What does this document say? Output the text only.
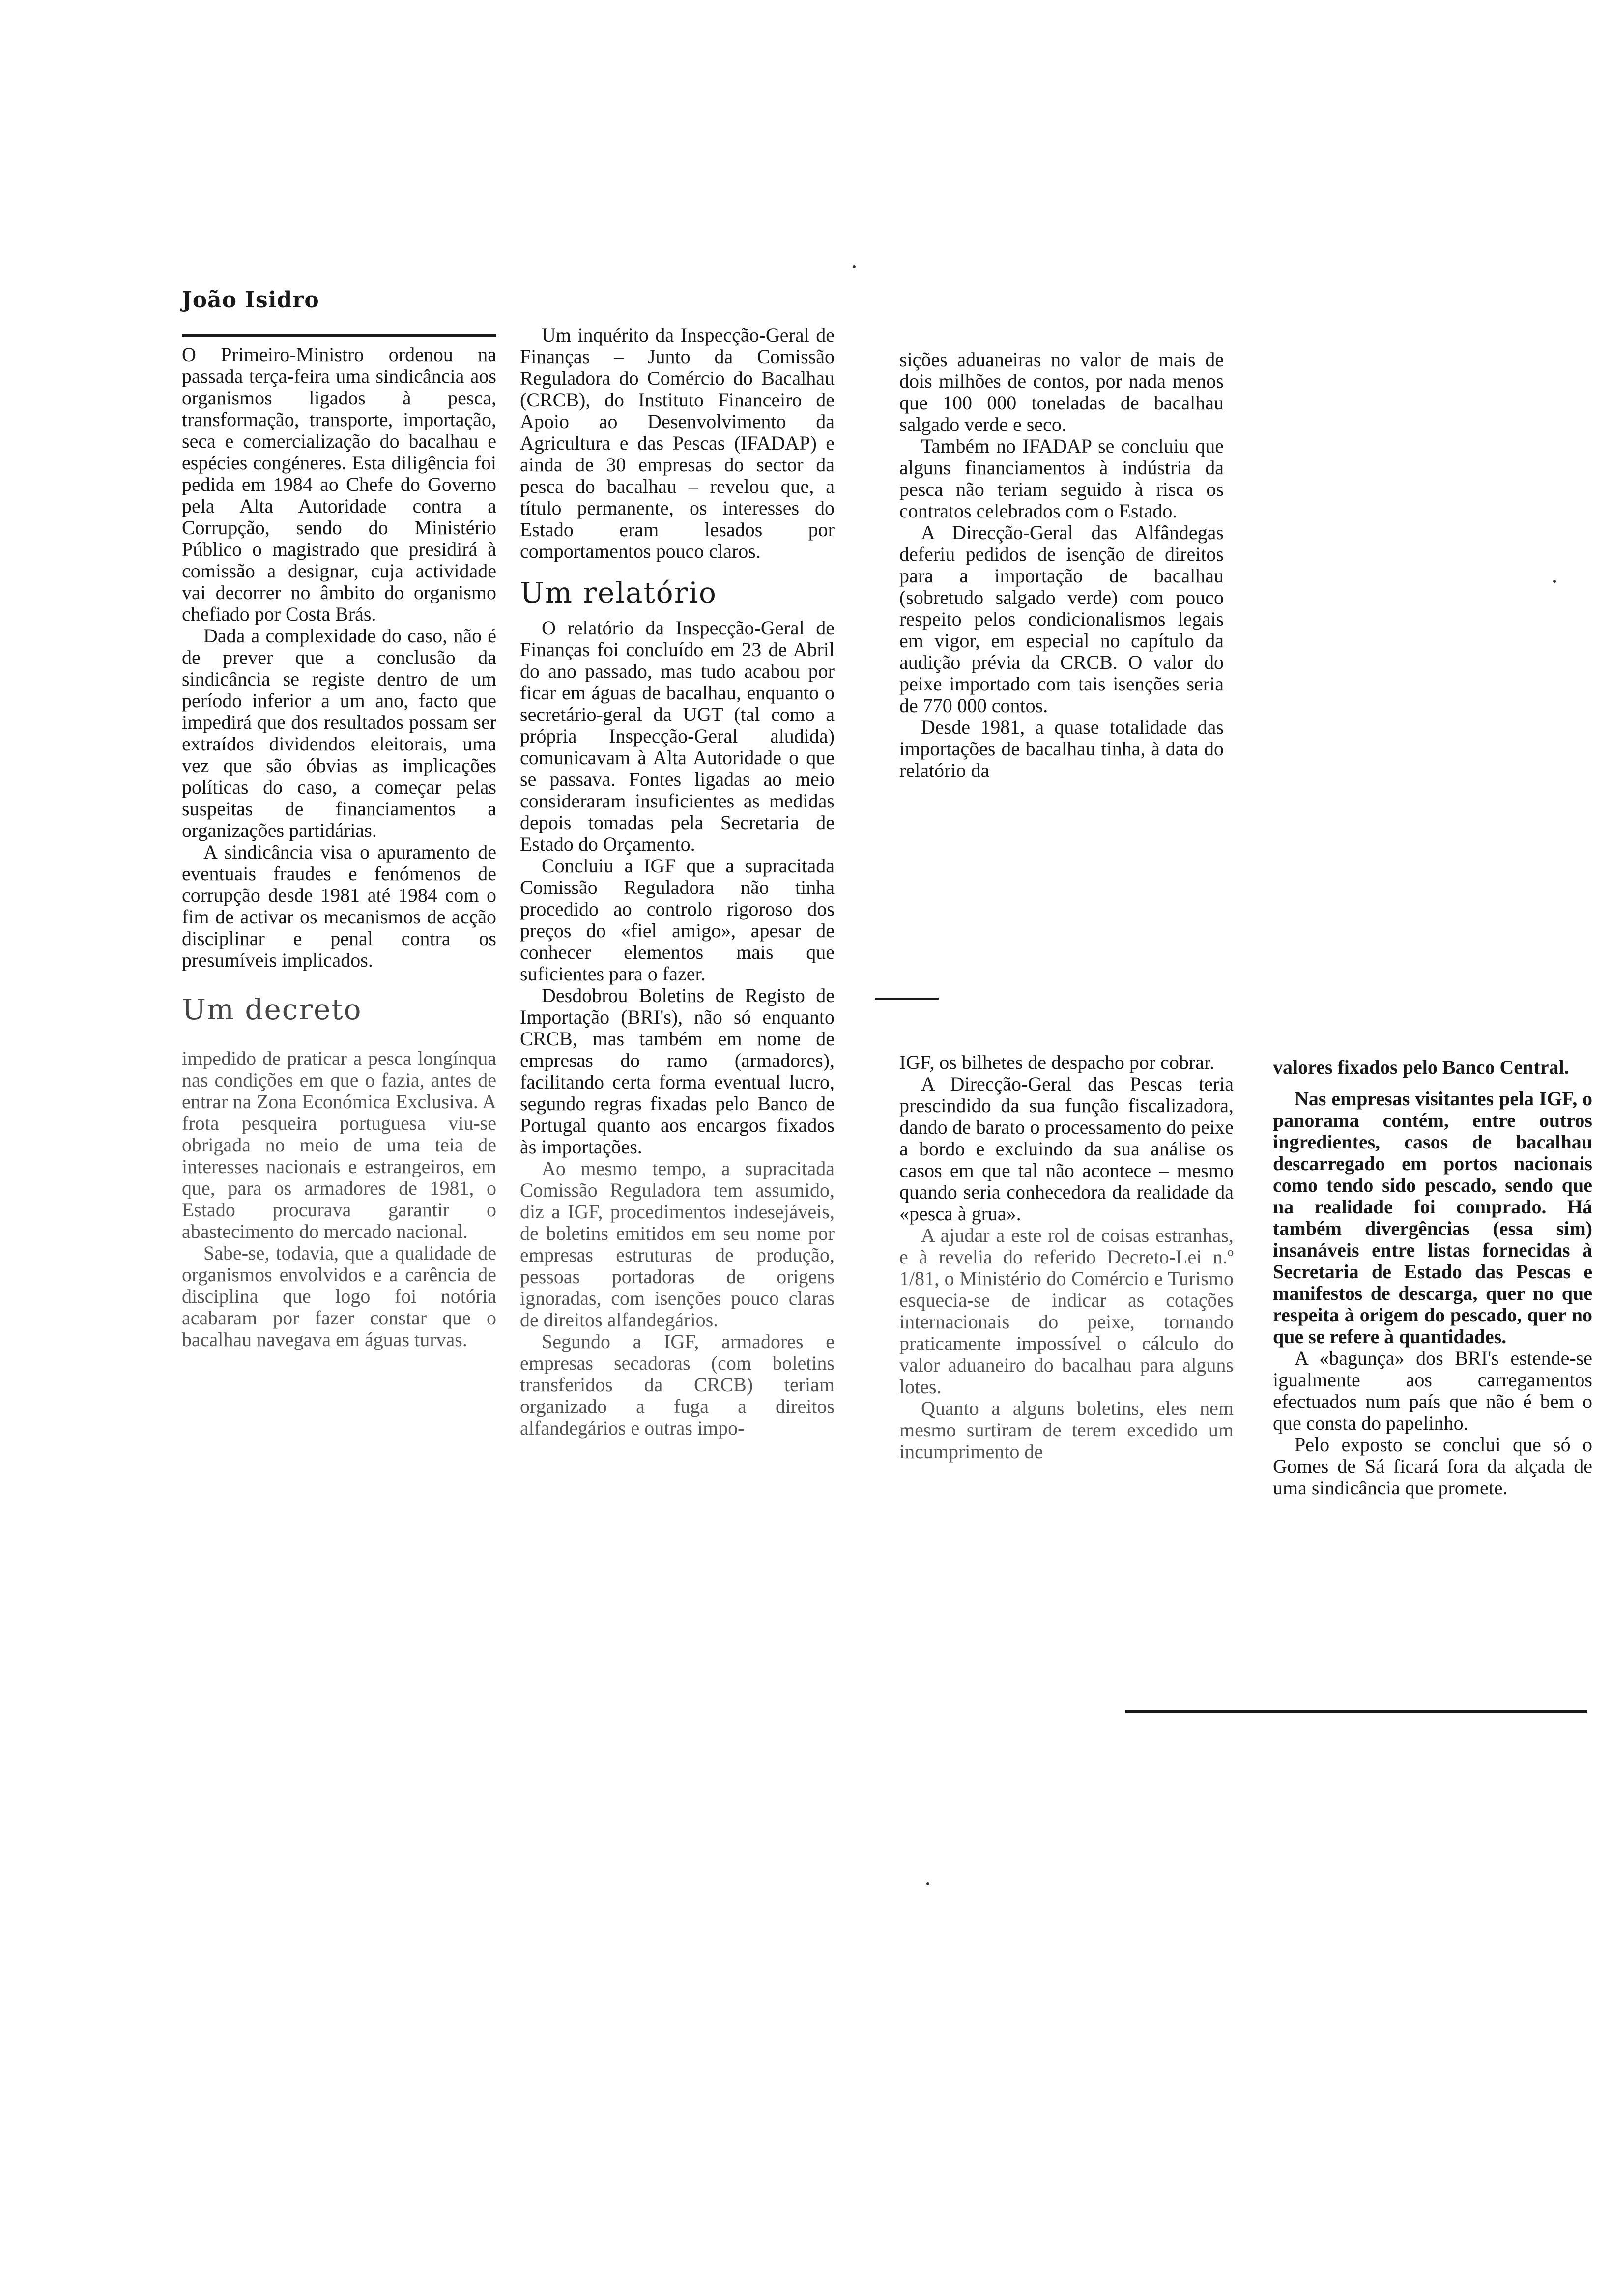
João Isidro

O Primeiro-Ministro ordenou na passada terça-feira uma sindicância aos organismos ligados à pesca, transformação, transporte, importação, seca e comercialização do bacalhau e espécies congéneres. Esta diligência foi pedida em 1984 ao Chefe do Governo pela Alta Autoridade contra a Corrupção, sendo do Ministério Público o magistrado que presidirá à comissão a designar, cuja actividade vai decorrer no âmbito do organismo chefiado por Costa Brás.

Dada a complexidade do caso, não é de prever que a conclusão da sindicância se registe dentro de um período inferior a um ano, facto que impedirá que dos resultados possam ser extraídos dividendos eleitorais, uma vez que são óbvias as implicações políticas do caso, a começar pelas suspeitas de financiamentos a organizações partidárias.

A sindicância visa o apuramento de eventuais fraudes e fenómenos de corrupção desde 1981 até 1984 com o fim de activar os mecanismos de acção disciplinar e penal contra os presumíveis implicados.

Um decreto

impedido de praticar a pesca longínqua nas condições em que o fazia, antes de entrar na Zona Económica Exclusiva. A frota pesqueira portuguesa viu-se obrigada no meio de uma teia de interesses nacionais e estrangeiros, em que, para os armadores de 1981, o Estado procurava garantir o abastecimento do mercado nacional.

Sabe-se, todavia, que a qualidade de organismos envolvidos e a carência de disciplina que logo foi notória acabaram por fazer constar que o bacalhau navegava em águas turvas.

Um inquérito da Inspecção-Geral de Finanças – Junto da Comissão Reguladora do Comércio do Bacalhau (CRCB), do Instituto Financeiro de Apoio ao Desenvolvimento da Agricultura e das Pescas (IFADAP) e ainda de 30 empresas do sector da pesca do bacalhau – revelou que, a título permanente, os interesses do Estado eram lesados por comportamentos pouco claros.

Um relatório

O relatório da Inspecção-Geral de Finanças foi concluído em 23 de Abril do ano passado, mas tudo acabou por ficar em águas de bacalhau, enquanto o secretário-geral da UGT (tal como a própria Inspecção-Geral aludida) comunicavam à Alta Autoridade o que se passava. Fontes ligadas ao meio consideraram insuficientes as medidas depois tomadas pela Secretaria de Estado do Orçamento.

Concluiu a IGF que a supracitada Comissão Reguladora não tinha procedido ao controlo rigoroso dos preços do «fiel amigo», apesar de conhecer elementos mais que suficientes para o fazer.

Desdobrou Boletins de Registo de Importação (BRI's), não só enquanto CRCB, mas também em nome de empresas do ramo (armadores), facilitando certa forma eventual lucro, segundo regras fixadas pelo Banco de Portugal quanto aos encargos fixados às importações.

Ao mesmo tempo, a supracitada Comissão Reguladora tem assumido, diz a IGF, procedimentos indesejáveis, de boletins emitidos em seu nome por empresas estruturas de produção, pessoas portadoras de origens ignoradas, com isenções pouco claras de direitos alfandegários.

Segundo a IGF, armadores e empresas secadoras (com boletins transferidos da CRCB) teriam organizado a fuga a direitos alfandegários e outras impo-

sições aduaneiras no valor de mais de dois milhões de contos, por nada menos que 100 000 toneladas de bacalhau salgado verde e seco.

Também no IFADAP se concluiu que alguns financiamentos à indústria da pesca não teriam seguido à risca os contratos celebrados com o Estado.

A Direcção-Geral das Alfândegas deferiu pedidos de isenção de direitos para a importação de bacalhau (sobretudo salgado verde) com pouco respeito pelos condicionalismos legais em vigor, em especial no capítulo da audição prévia da CRCB. O valor do peixe importado com tais isenções seria de 770 000 contos.

Desde 1981, a quase totalidade das importações de bacalhau tinha, à data do relatório da

IGF, os bilhetes de despacho por cobrar.

A Direcção-Geral das Pescas teria prescindido da sua função fiscalizadora, dando de barato o processamento do peixe a bordo e excluindo da sua análise os casos em que tal não acontece – mesmo quando seria conhecedora da realidade da «pesca à grua».

A ajudar a este rol de coisas estranhas, e à revelia do referido Decreto-Lei n.º 1/81, o Ministério do Comércio e Turismo esquecia-se de indicar as cotações internacionais do peixe, tornando praticamente impossível o cálculo do valor aduaneiro do bacalhau para alguns lotes.

Quanto a alguns boletins, eles nem mesmo surtiram de terem excedido um incumprimento de

valores fixados pelo Banco Central.

Nas empresas visitantes pela IGF, o panorama contém, entre outros ingredientes, casos de bacalhau descarregado em portos nacionais como tendo sido pescado, sendo que na realidade foi comprado. Há também divergências (essa sim) insanáveis entre listas fornecidas à Secretaria de Estado das Pescas e manifestos de descarga, quer no que respeita à origem do pescado, quer no que se refere à quantidades.

A «bagunça» dos BRI's estende-se igualmente aos carregamentos efectuados num país que não é bem o que consta do papelinho.

Pelo exposto se conclui que só o Gomes de Sá ficará fora da alçada de uma sindicância que promete.
